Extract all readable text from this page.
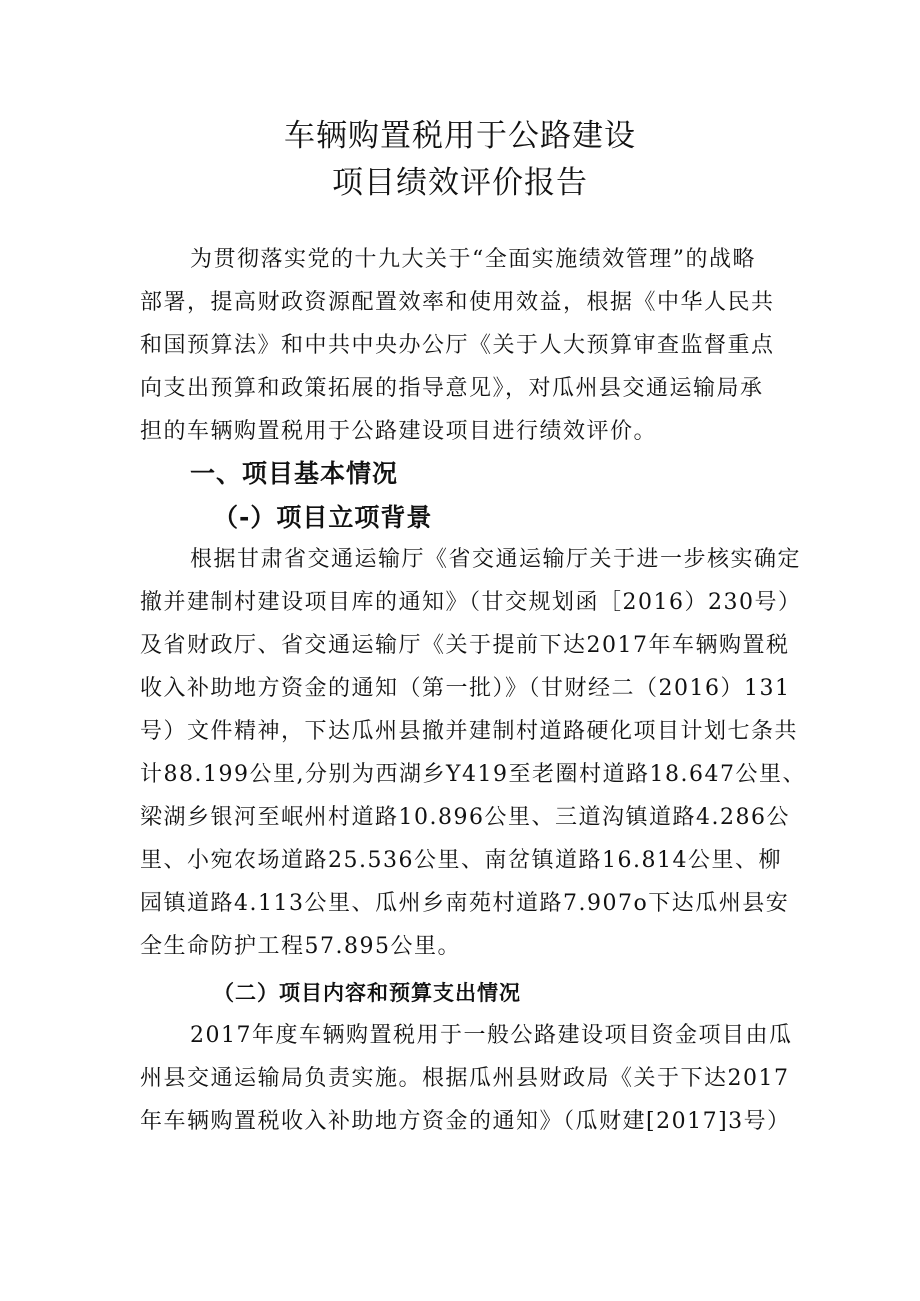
车辆购置税用于公路建设
项目绩效评价报告
为贯彻落实党的十九大关于“全面实施绩效管理”的战略
部署，提高财政资源配置效率和使用效益，根据《中华人民共
和国预算法》和中共中央办公厅《关于人大预算审查监督重点
向支出预算和政策拓展的指导意见》，对瓜州县交通运输局承
担的车辆购置税用于公路建设项目进行绩效评价。
一、项目基本情况
（-）项目立项背景
根据甘肃省交通运输厅《省交通运输厅关于进一步核实确定
撤并建制村建设项目库的通知》（甘交规划函［2016）230号）
及省财政厅、省交通运输厅《关于提前下达2017年车辆购置税
收入补助地方资金的通知（第一批）》（甘财经二（2016）131
号）文件精神，下达瓜州县撤并建制村道路硬化项目计划七条共
计88.199公里,分别为西湖乡Y419至老圈村道路18.647公里、
梁湖乡银河至岷州村道路10.896公里、三道沟镇道路4.286公
里、小宛农场道路25.536公里、南岔镇道路16.814公里、柳
园镇道路4.113公里、瓜州乡南苑村道路7.907o下达瓜州县安
全生命防护工程57.895公里。
（二）项目内容和预算支出情况
2017年度车辆购置税用于一般公路建设项目资金项目由瓜
州县交通运输局负责实施。根据瓜州县财政局《关于下达2017
年车辆购置税收入补助地方资金的通知》（瓜财建[2017]3号）
